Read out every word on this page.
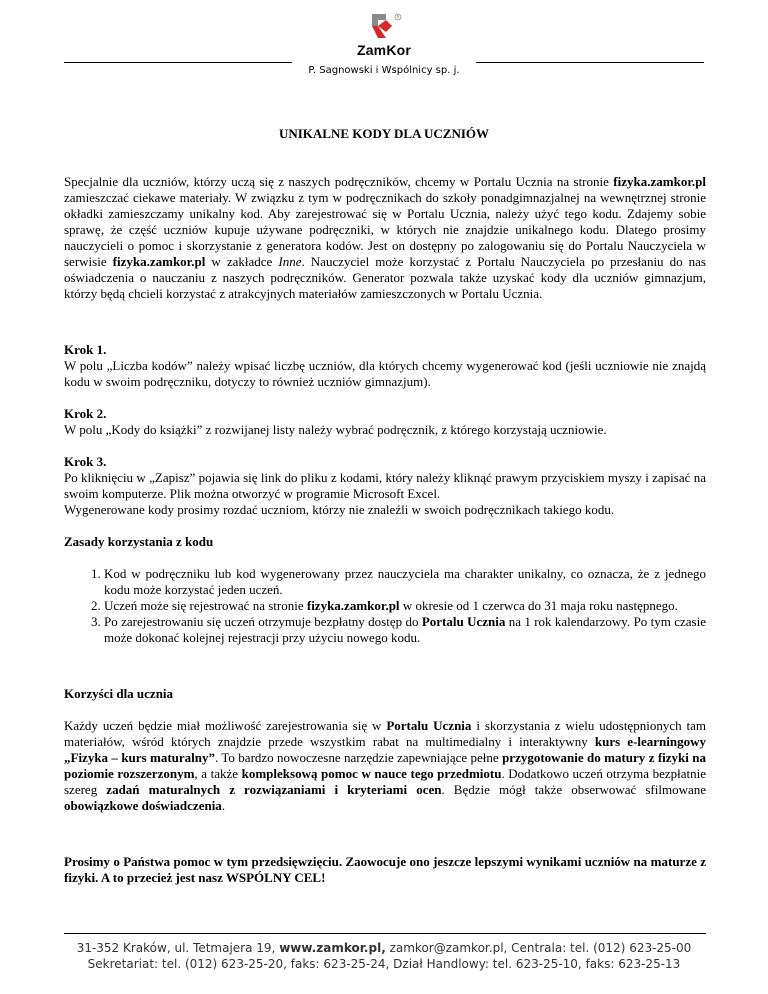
R
ZamKor
P. Sagnowski i Wspólnicy sp. j.
UNIKALNE KODY DLA UCZNIÓW

Specjalnie dla uczniów, którzy uczą się z naszych podręczników, chcemy w Portalu Ucznia na stronie fizyka.zamkor.pl zamieszczać ciekawe materiały. W związku z tym w podręcznikach do szkoły ponadgimnazjalnej na wewnętrznej stronie okładki zamieszczamy unikalny kod. Aby zarejestrować się w Portalu Ucznia, należy użyć tego kodu. Zdajemy sobie sprawę, że część uczniów kupuje używane podręczniki, w których nie znajdzie unikalnego kodu. Dlatego prosimy nauczycieli o pomoc i skorzystanie z generatora kodów. Jest on dostępny po zalogowaniu się do Portalu Nauczyciela w serwisie fizyka.zamkor.pl w zakładce Inne. Nauczyciel może korzystać z Portalu Nauczyciela po przesłaniu do nas oświadczenia o nauczaniu z naszych podręczników. Generator pozwala także uzyskać kody dla uczniów gimnazjum, którzy będą chcieli korzystać z atrakcyjnych materiałów zamieszczonych w Portalu Ucznia.

Krok 1.
W polu „Liczba kodów” należy wpisać liczbę uczniów, dla których chcemy wygenerować kod (jeśli uczniowie nie znajdą kodu w swoim podręczniku, dotyczy to również uczniów gimnazjum).

Krok 2.
W polu „Kody do książki” z rozwijanej listy należy wybrać podręcznik, z którego korzystają uczniowie.

Krok 3.
Po kliknięciu w „Zapisz” pojawia się link do pliku z kodami, który należy kliknąć prawym przyciskiem myszy i zapisać na swoim komputerze. Plik można otworzyć w programie Microsoft Excel.
Wygenerowane kody prosimy rozdać uczniom, którzy nie znaleźli w swoich podręcznikach takiego kodu.

Zasady korzystania z kodu

1. Kod w podręczniku lub kod wygenerowany przez nauczyciela ma charakter unikalny, co oznacza, że z jednego kodu może korzystać jeden uczeń.
2. Uczeń może się rejestrować na stronie fizyka.zamkor.pl w okresie od 1 czerwca do 31 maja roku następnego.
3. Po zarejestrowaniu się uczeń otrzymuje bezpłatny dostęp do Portalu Ucznia na 1 rok kalendarzowy. Po tym czasie może dokonać kolejnej rejestracji przy użyciu nowego kodu.

Korzyści dla ucznia

Każdy uczeń będzie miał możliwość zarejestrowania się w Portalu Ucznia i skorzystania z wielu udostępnionych tam materiałów, wśród których znajdzie przede wszystkim rabat na multimedialny i interaktywny kurs e-learningowy „Fizyka – kurs maturalny”. To bardzo nowoczesne narzędzie zapewniające pełne przygotowanie do matury z fizyki na poziomie rozszerzonym, a także kompleksową pomoc w nauce tego przedmiotu. Dodatkowo uczeń otrzyma bezpłatnie szereg zadań maturalnych z rozwiązaniami i kryteriami ocen. Będzie mógł także obserwować sfilmowane obowiązkowe doświadczenia.

Prosimy o Państwa pomoc w tym przedsięwzięciu. Zaowocuje ono jeszcze lepszymi wynikami uczniów na maturze z fizyki. A to przecież jest nasz WSPÓLNY CEL!

31-352 Kraków, ul. Tetmajera 19, www.zamkor.pl, zamkor@zamkor.pl, Centrala: tel. (012) 623-25-00
Sekretariat: tel. (012) 623-25-20, faks: 623-25-24, Dział Handlowy: tel. 623-25-10, faks: 623-25-13
